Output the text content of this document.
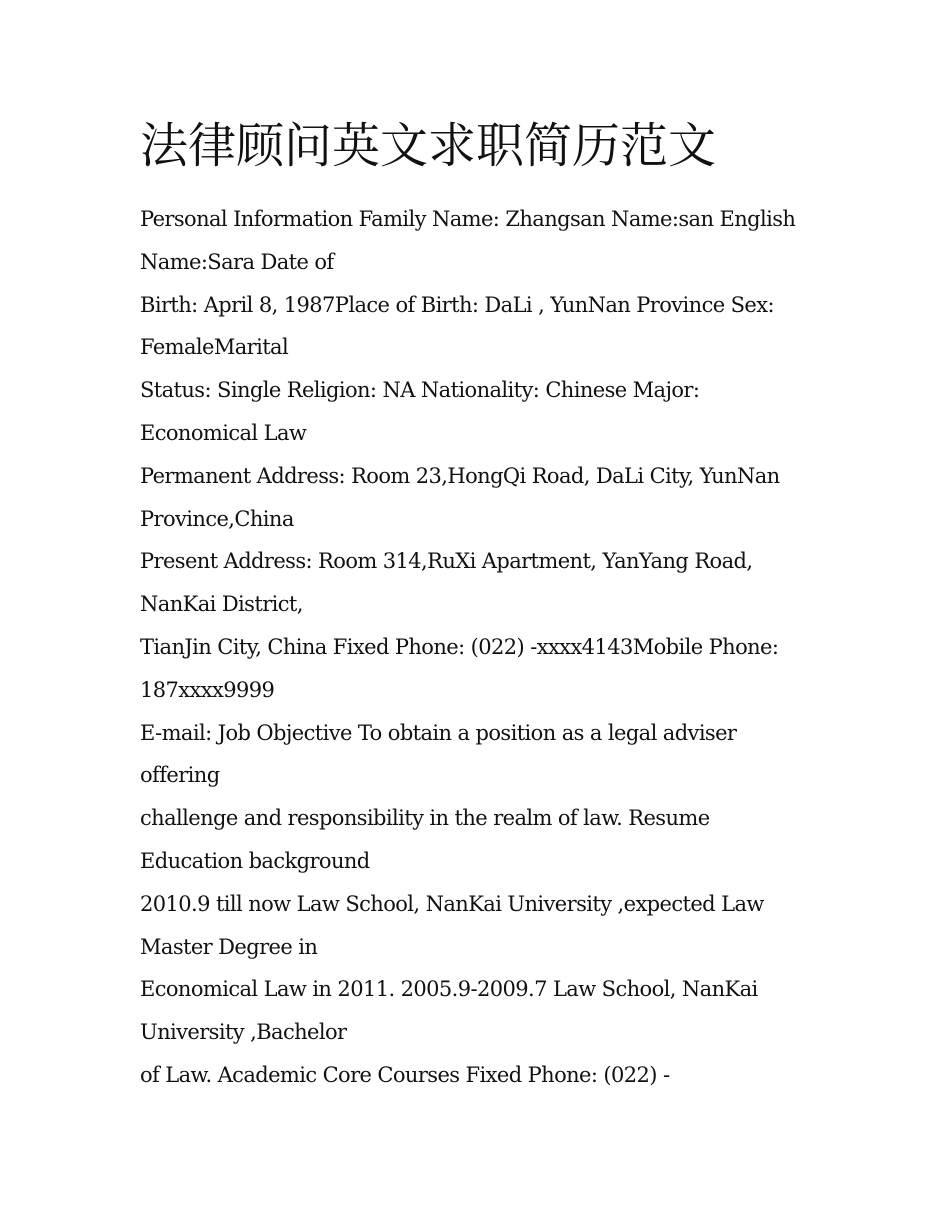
法律顾问英文求职简历范文
Personal Information Family Name: Zhangsan Name:san English
Name:Sara Date of
Birth: April 8, 1987Place of Birth: DaLi , YunNan Province Sex:
FemaleMarital
Status: Single Religion: NA Nationality: Chinese Major:
Economical Law
Permanent Address: Room 23,HongQi Road, DaLi City, YunNan
Province,China
Present Address: Room 314,RuXi Apartment, YanYang Road,
NanKai District,
TianJin City, China Fixed Phone: (022) -xxxx4143Mobile Phone:
187xxxx9999
E-mail: Job Objective To obtain a position as a legal adviser
offering
challenge and responsibility in the realm of law. Resume
Education background
2010.9 till now Law School, NanKai University ,expected Law
Master Degree in
Economical Law in 2011. 2005.9-2009.7 Law School, NanKai
University ,Bachelor
of Law. Academic Core Courses Fixed Phone: (022) -
